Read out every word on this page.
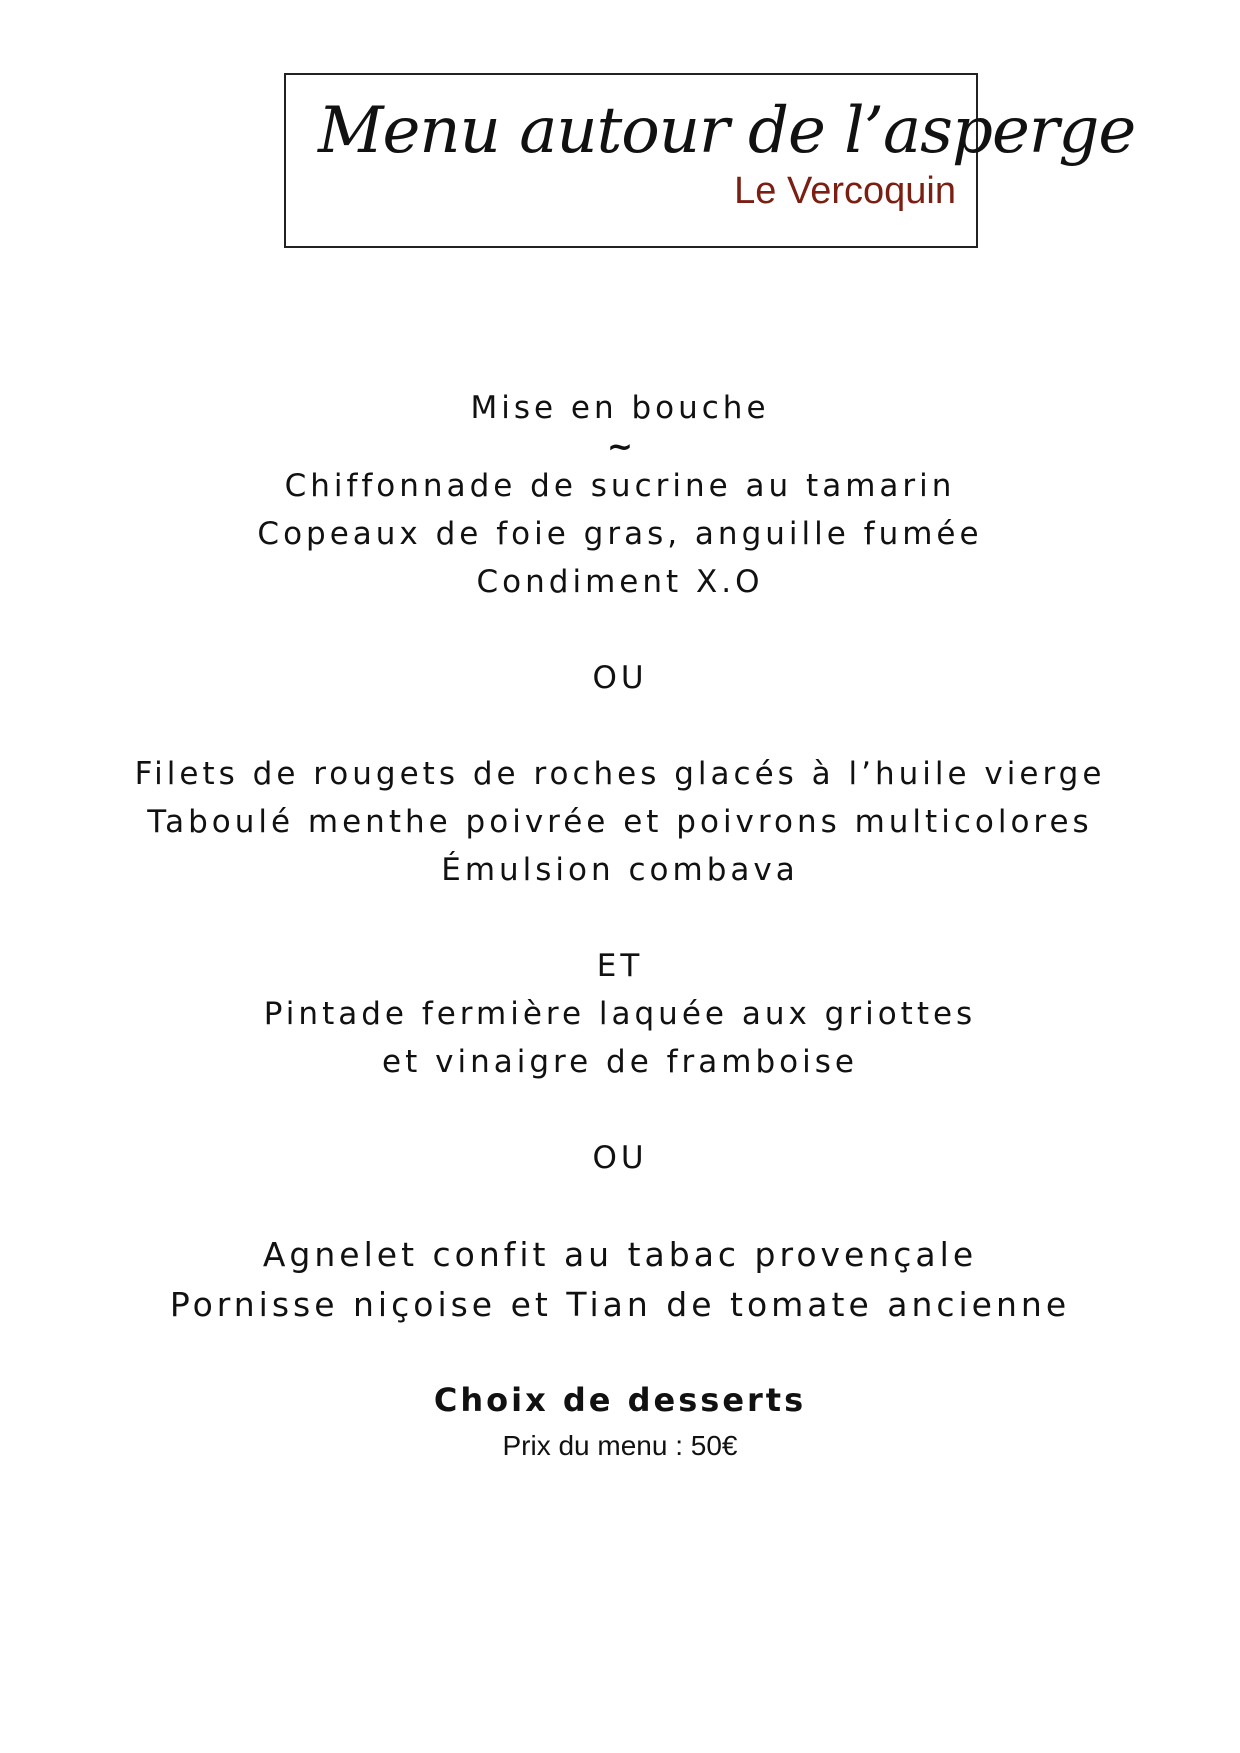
Menu autour de l’asperge
Le Vercoquin
Mise en bouche
~
Chiffonnade de sucrine au tamarin
Copeaux de foie gras, anguille fumée
Condiment X.O
OU
Filets de rougets de roches glacés à l’huile vierge
Taboulé menthe poivrée et poivrons multicolores
Émulsion combava
ET
Pintade fermière laquée aux griottes
et vinaigre de framboise
OU
Agnelet confit au tabac provençale
Pornisse niçoise et Tian de tomate ancienne
Choix de desserts
Prix du menu : 50€
